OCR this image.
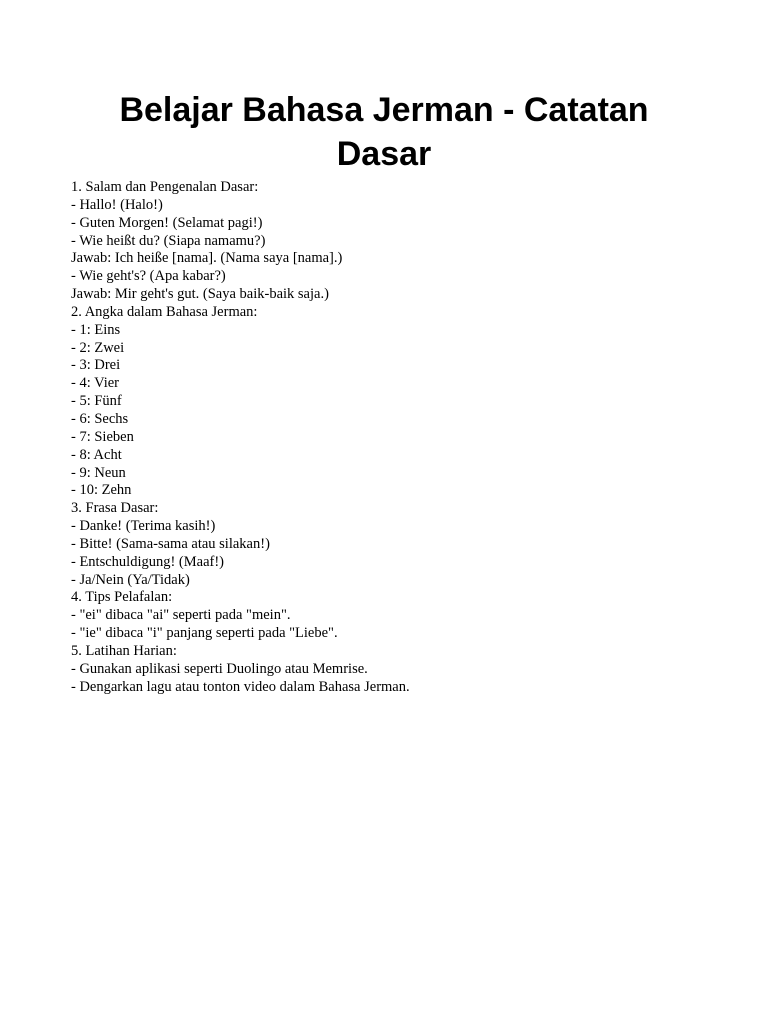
Belajar Bahasa Jerman - Catatan Dasar
1. Salam dan Pengenalan Dasar:
- Hallo! (Halo!)
- Guten Morgen! (Selamat pagi!)
- Wie heißt du? (Siapa namamu?)
Jawab: Ich heiße [nama]. (Nama saya [nama].)
- Wie geht's? (Apa kabar?)
Jawab: Mir geht's gut. (Saya baik-baik saja.)
2. Angka dalam Bahasa Jerman:
- 1: Eins
- 2: Zwei
- 3: Drei
- 4: Vier
- 5: Fünf
- 6: Sechs
- 7: Sieben
- 8: Acht
- 9: Neun
- 10: Zehn
3. Frasa Dasar:
- Danke! (Terima kasih!)
- Bitte! (Sama-sama atau silakan!)
- Entschuldigung! (Maaf!)
- Ja/Nein (Ya/Tidak)
4. Tips Pelafalan:
- "ei" dibaca "ai" seperti pada "mein".
- "ie" dibaca "i" panjang seperti pada "Liebe".
5. Latihan Harian:
- Gunakan aplikasi seperti Duolingo atau Memrise.
- Dengarkan lagu atau tonton video dalam Bahasa Jerman.
